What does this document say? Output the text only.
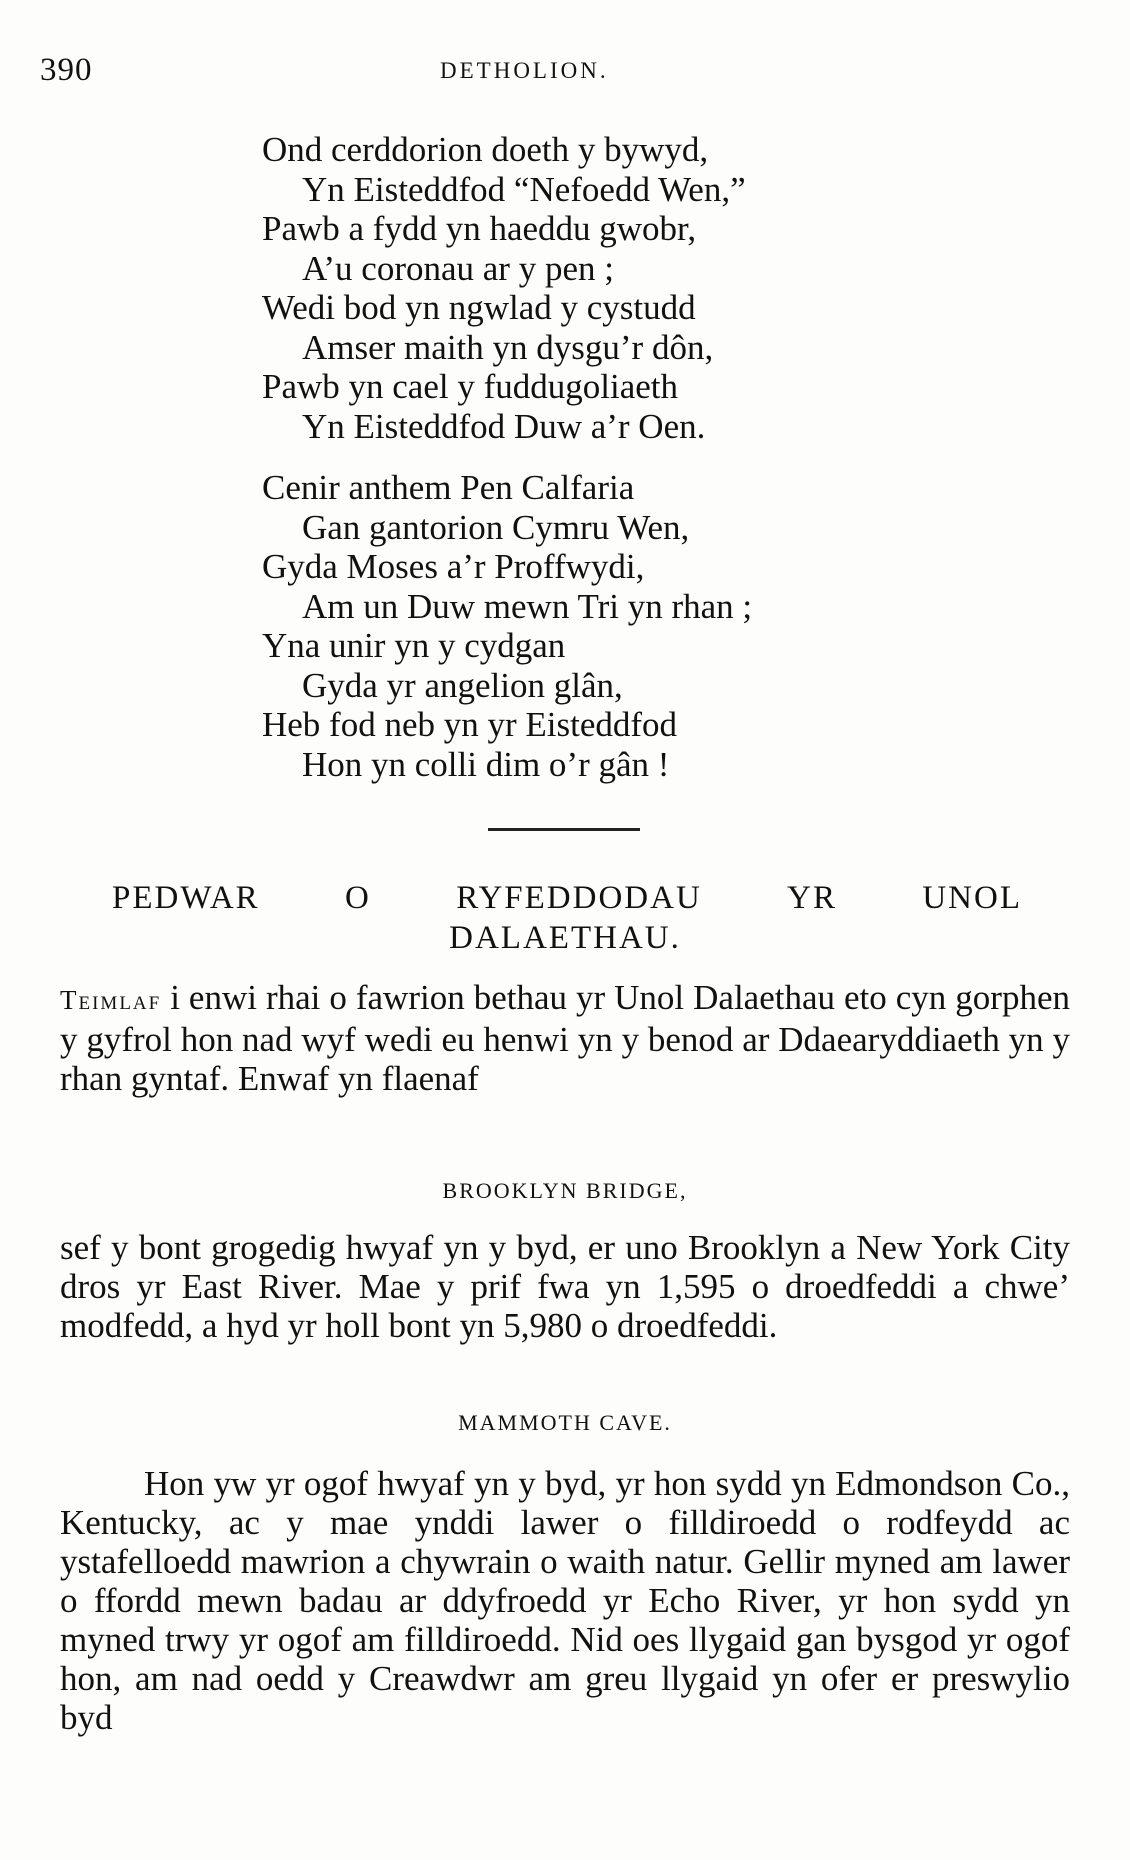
390	DETHOLION.
Ond cerddorion doeth y bywyd,
Yn Eisteddfod “Nefoedd Wen,”
Pawb a fydd yn haeddu gwobr,
A’u coronau ar y pen ;
Wedi bod yn ngwlad y cystudd
Amser maith yn dysgu’r dôn,
Pawb yn cael y fuddugoliaeth
Yn Eisteddfod Duw a’r Oen.
Cenir anthem Pen Calfaria
Gan gantorion Cymru Wen,
Gyda Moses a’r Proffwydi,
Am un Duw mewn Tri yn rhan ;
Yna unir yn y cydgan
Gyda yr angelion glân,
Heb fod neb yn yr Eisteddfod
Hon yn colli dim o’r gân !
PEDWAR	O	RYFEDDODAU	YR	UNOL
DALAETHAU.
Teimlaf i enwi rhai o fawrion bethau yr Unol Dalaethau eto cyn gorphen y gyfrol hon nad wyf wedi eu henwi yn y benod ar Ddaearyddiaeth yn y rhan gyntaf. Enwaf yn flaenaf
BROOKLYN BRIDGE,
sef y bont grogedig hwyaf yn y byd, er uno Brooklyn a New York City dros yr East River. Mae y prif fwa yn 1,595 o droedfeddi a chwe’ modfedd, a hyd yr holl bont yn 5,980 o droedfeddi.
MAMMOTH CAVE.
Hon yw yr ogof hwyaf yn y byd, yr hon sydd yn Edmondson Co., Kentucky, ac y mae ynddi lawer o filldiroedd o rodfeydd ac ystafelloedd mawrion a chywrain o waith natur. Gellir myned am lawer o ffordd mewn badau ar ddyfroedd yr Echo River, yr hon sydd yn myned trwy yr ogof am filldiroedd. Nid oes llygaid gan bysgod yr ogof hon, am nad oedd y Creawdwr am greu llygaid yn ofer er preswylio byd
